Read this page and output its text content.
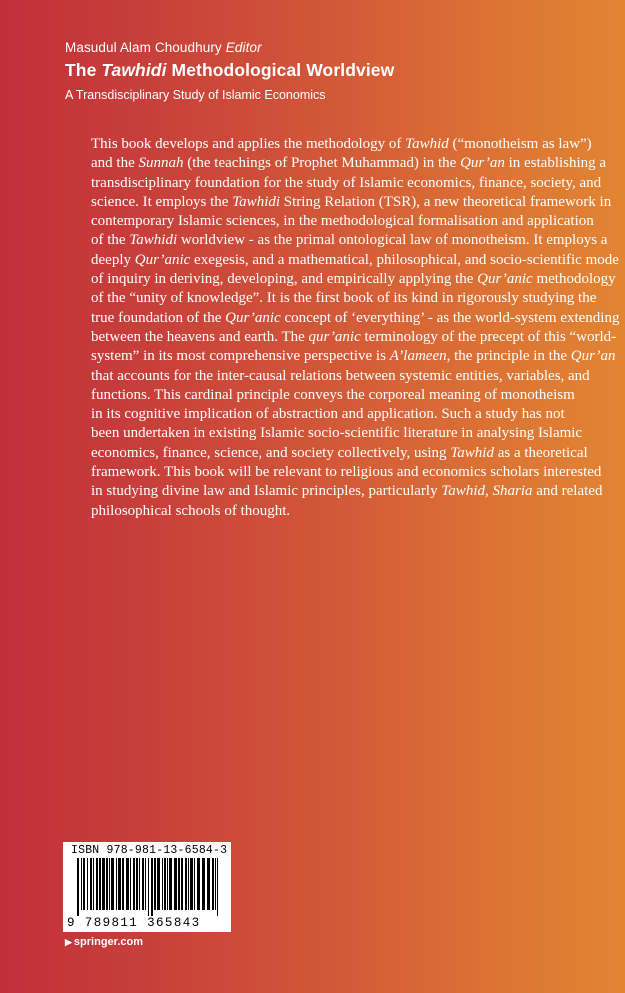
Masudul Alam Choudhury Editor
The Tawhidi Methodological Worldview
A Transdisciplinary Study of Islamic Economics
This book develops and applies the methodology of Tawhid (“monotheism as law”)
and the Sunnah (the teachings of Prophet Muhammad) in the Qur’an in establishing a
transdisciplinary foundation for the study of Islamic economics, finance, society, and
science. It employs the Tawhidi String Relation (TSR), a new theoretical framework in
contemporary Islamic sciences, in the methodological formalisation and application
of the Tawhidi worldview - as the primal ontological law of monotheism. It employs a
deeply Qur’anic exegesis, and a mathematical, philosophical, and socio-scientific mode
of inquiry in deriving, developing, and empirically applying the Qur’anic methodology
of the “unity of knowledge”. It is the first book of its kind in rigorously studying the
true foundation of the Qur’anic concept of ‘everything’ - as the world-system extending
between the heavens and earth. The qur’anic terminology of the precept of this “world-
system” in its most comprehensive perspective is A’lameen, the principle in the Qur’an
that accounts for the inter-causal relations between systemic entities, variables, and
functions. This cardinal principle conveys the corporeal meaning of monotheism
in its cognitive implication of abstraction and application. Such a study has not
been undertaken in existing Islamic socio-scientific literature in analysing Islamic
economics, finance, science, and society collectively, using Tawhid as a theoretical
framework. This book will be relevant to religious and economics scholars interested
in studying divine law and Islamic principles, particularly Tawhid, Sharia and related
philosophical schools of thought.
ISBN 978-981-13-6584-3
9 789811 365843
▶ springer.com
